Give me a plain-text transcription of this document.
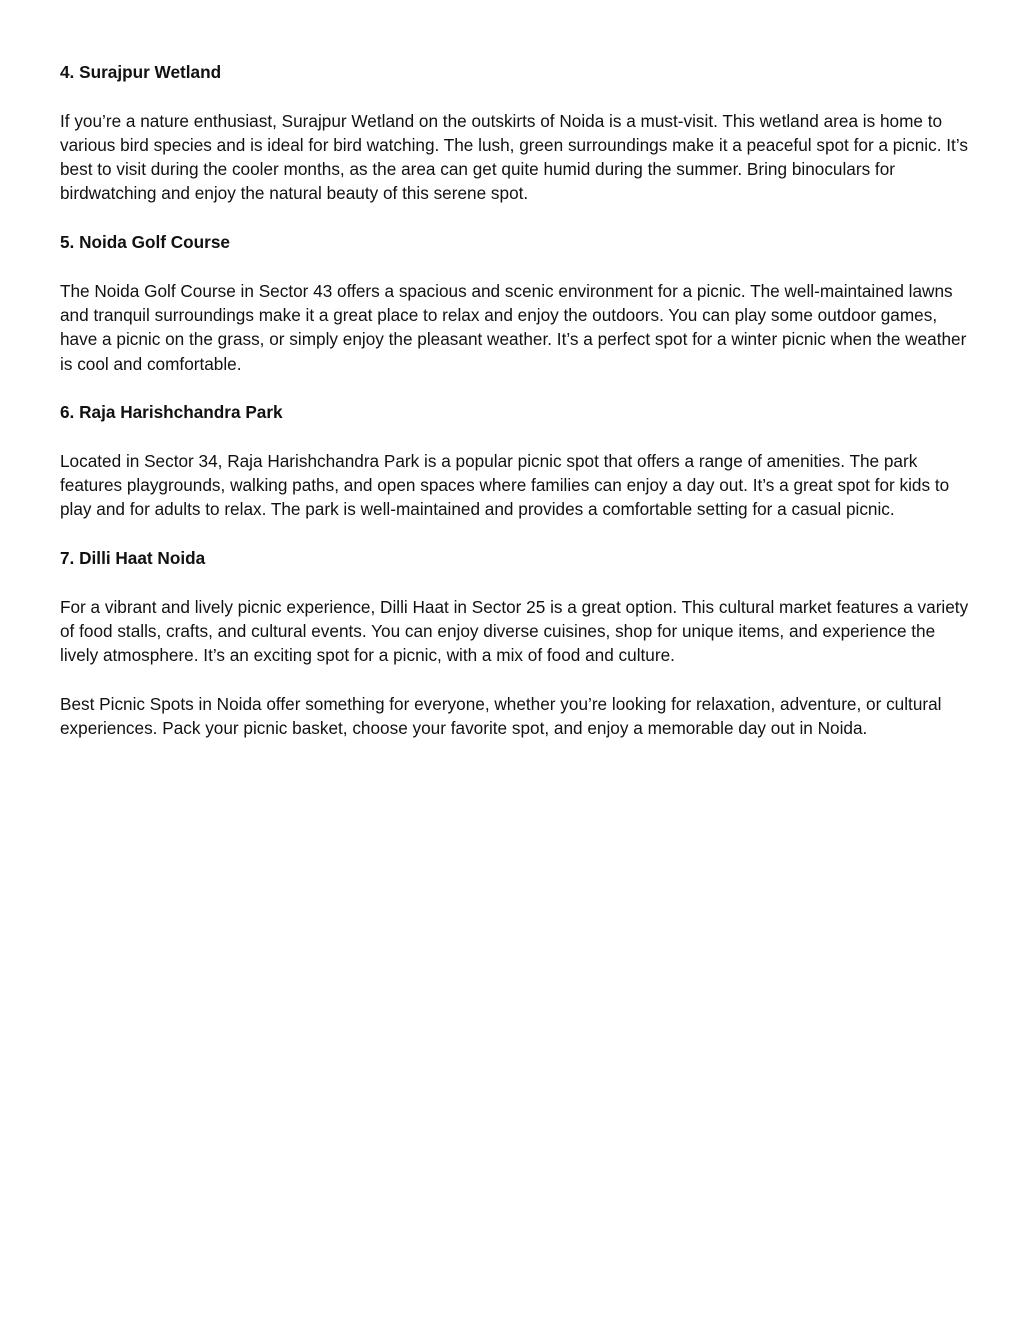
4. Surajpur Wetland

If you’re a nature enthusiast, Surajpur Wetland on the outskirts of Noida is a must-visit. This wetland area is home to various bird species and is ideal for bird watching. The lush, green surroundings make it a peaceful spot for a picnic. It’s best to visit during the cooler months, as the area can get quite humid during the summer. Bring binoculars for birdwatching and enjoy the natural beauty of this serene spot.

5. Noida Golf Course

The Noida Golf Course in Sector 43 offers a spacious and scenic environment for a picnic. The well-maintained lawns and tranquil surroundings make it a great place to relax and enjoy the outdoors. You can play some outdoor games, have a picnic on the grass, or simply enjoy the pleasant weather. It’s a perfect spot for a winter picnic when the weather is cool and comfortable.

6. Raja Harishchandra Park

Located in Sector 34, Raja Harishchandra Park is a popular picnic spot that offers a range of amenities. The park features playgrounds, walking paths, and open spaces where families can enjoy a day out. It’s a great spot for kids to play and for adults to relax. The park is well-maintained and provides a comfortable setting for a casual picnic.

7. Dilli Haat Noida

For a vibrant and lively picnic experience, Dilli Haat in Sector 25 is a great option. This cultural market features a variety of food stalls, crafts, and cultural events. You can enjoy diverse cuisines, shop for unique items, and experience the lively atmosphere. It’s an exciting spot for a picnic, with a mix of food and culture.

Best Picnic Spots in Noida offer something for everyone, whether you’re looking for relaxation, adventure, or cultural experiences. Pack your picnic basket, choose your favorite spot, and enjoy a memorable day out in Noida.
